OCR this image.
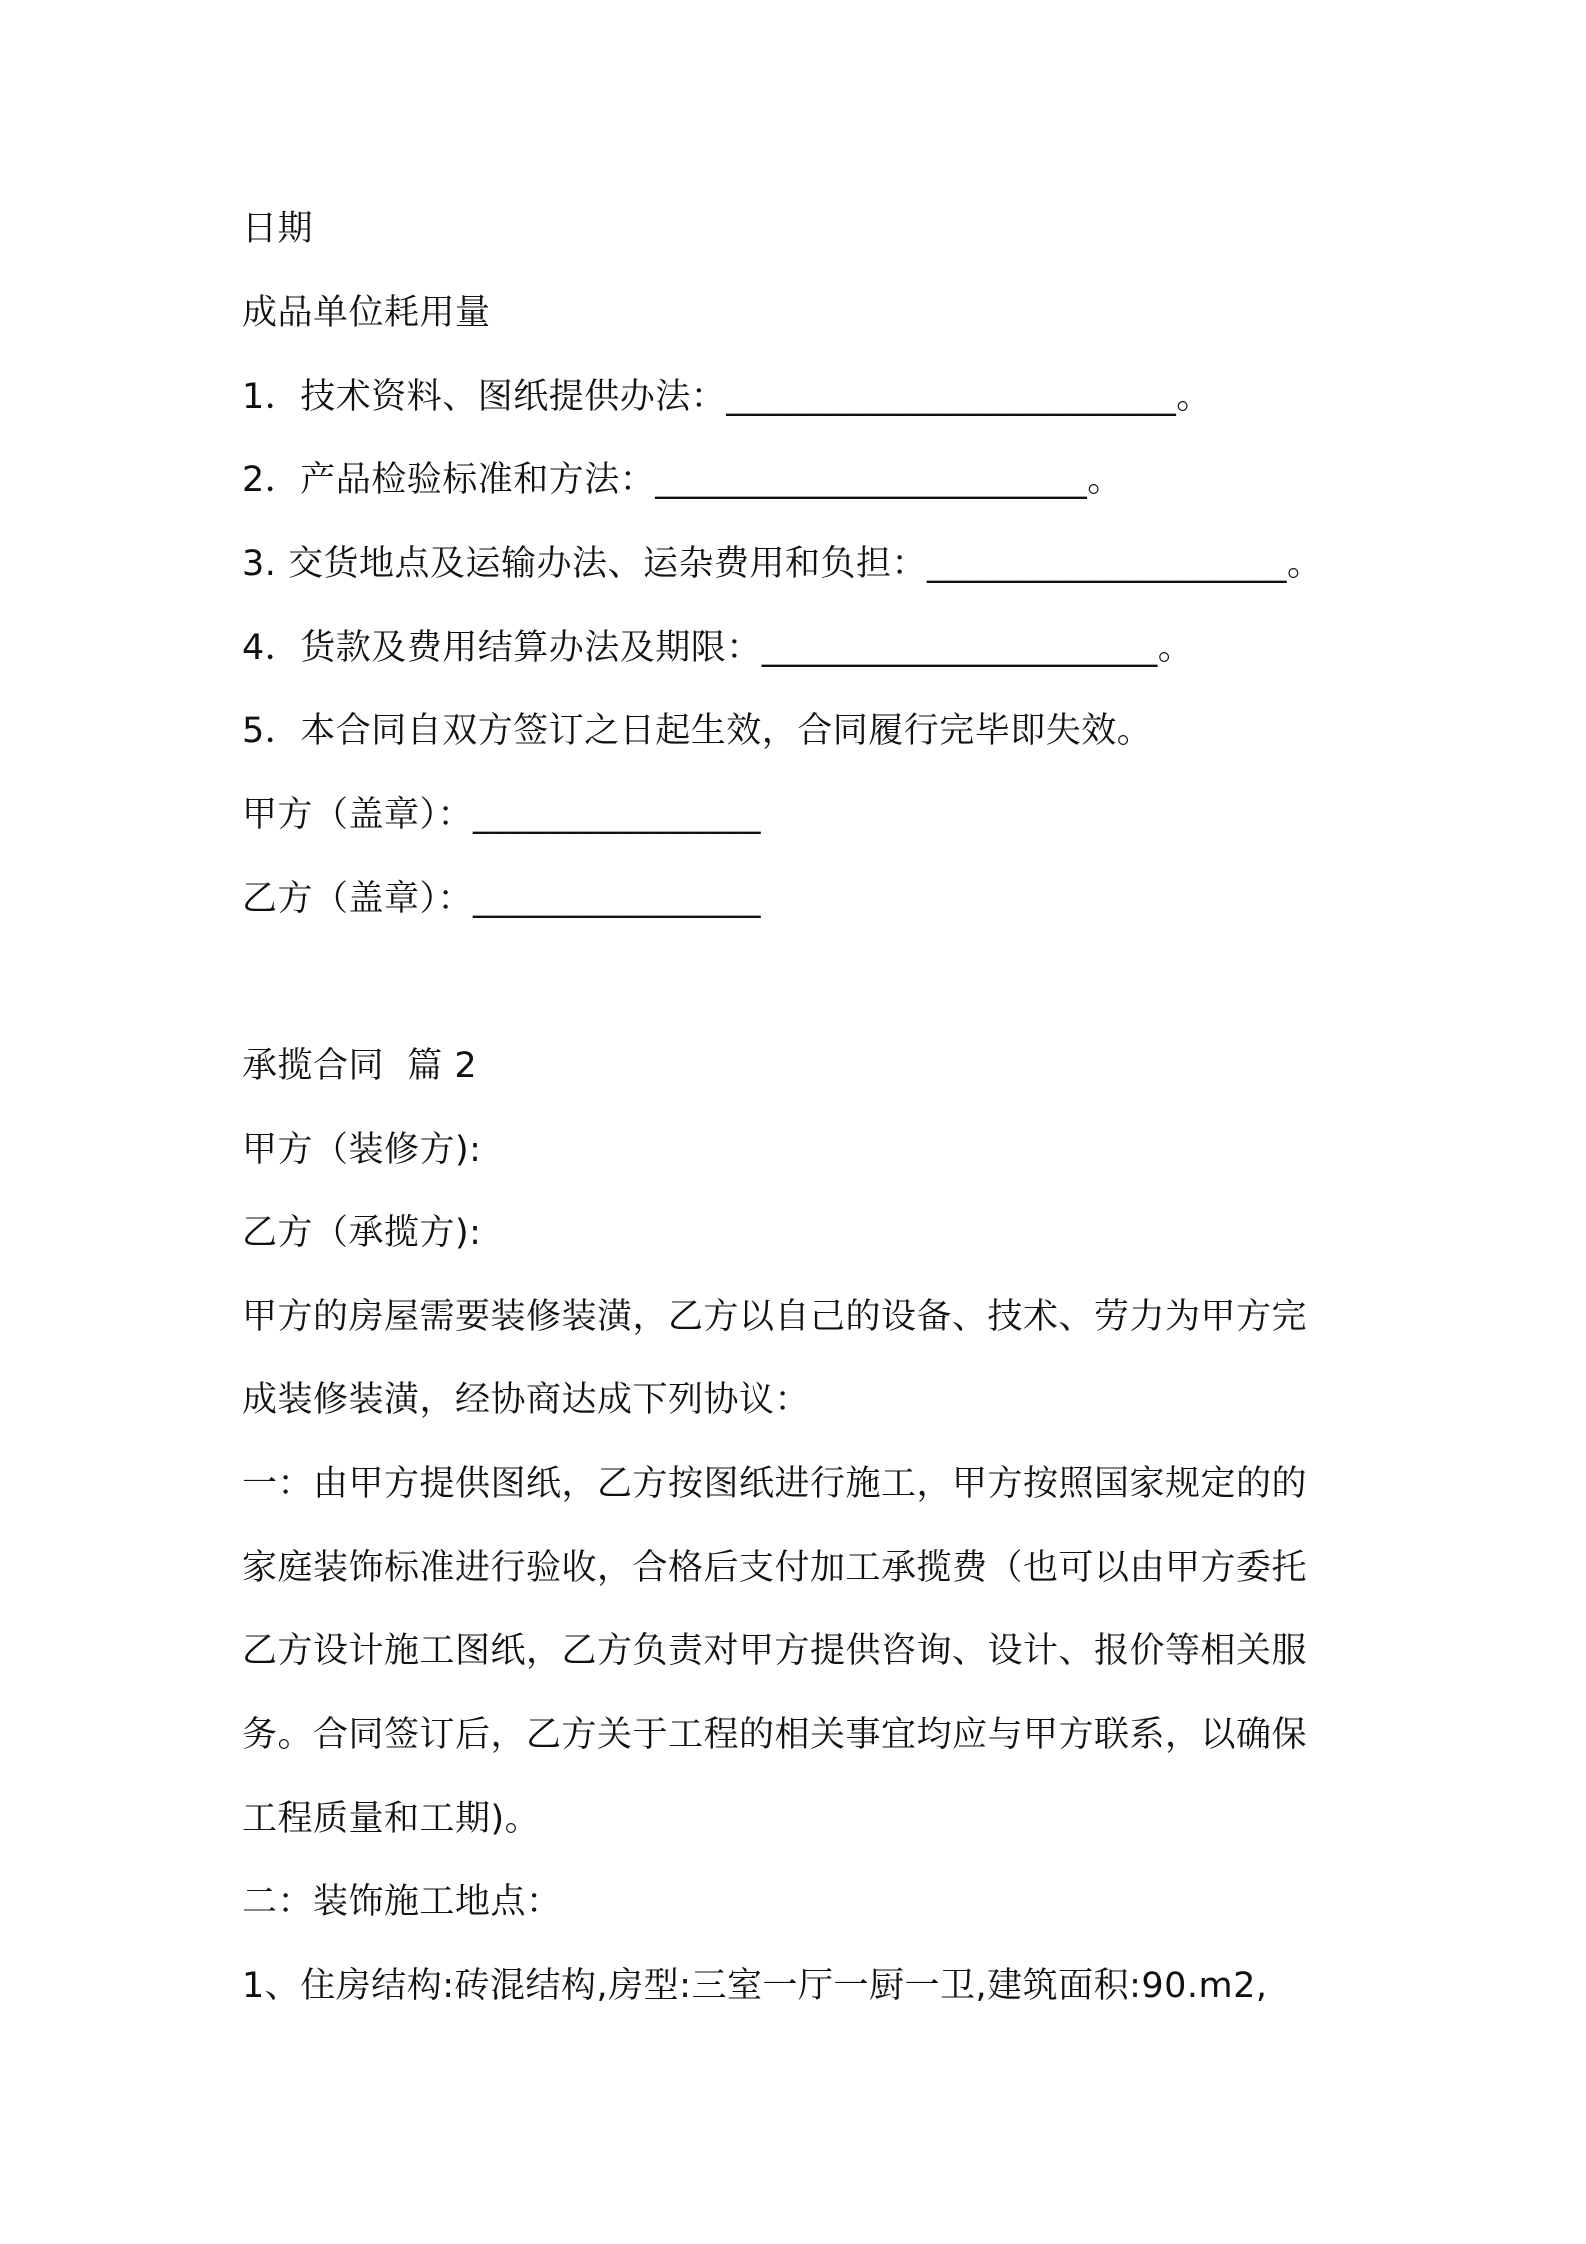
日期
成品单位耗用量
1．技术资料、图纸提供办法：_________________________。
2．产品检验标准和方法：________________________。
3. 交货地点及运输办法、运杂费用和负担：____________________。
4．货款及费用结算办法及期限：______________________。
5．本合同自双方签订之日起生效，合同履行完毕即失效。
甲方（盖章）：________________
乙方（盖章）：________________
承揽合同  篇 2
甲方（装修方):
乙方（承揽方):
甲方的房屋需要装修装潢，乙方以自己的设备、技术、劳力为甲方完
成装修装潢，经协商达成下列协议：
一：由甲方提供图纸，乙方按图纸进行施工，甲方按照国家规定的的
家庭装饰标准进行验收，合格后支付加工承揽费（也可以由甲方委托
乙方设计施工图纸，乙方负责对甲方提供咨询、设计、报价等相关服
务。合同签订后，乙方关于工程的相关事宜均应与甲方联系，以确保
工程质量和工期)。
二：装饰施工地点：
1、住房结构:砖混结构,房型:三室一厅一厨一卫,建筑面积:90.m2,
